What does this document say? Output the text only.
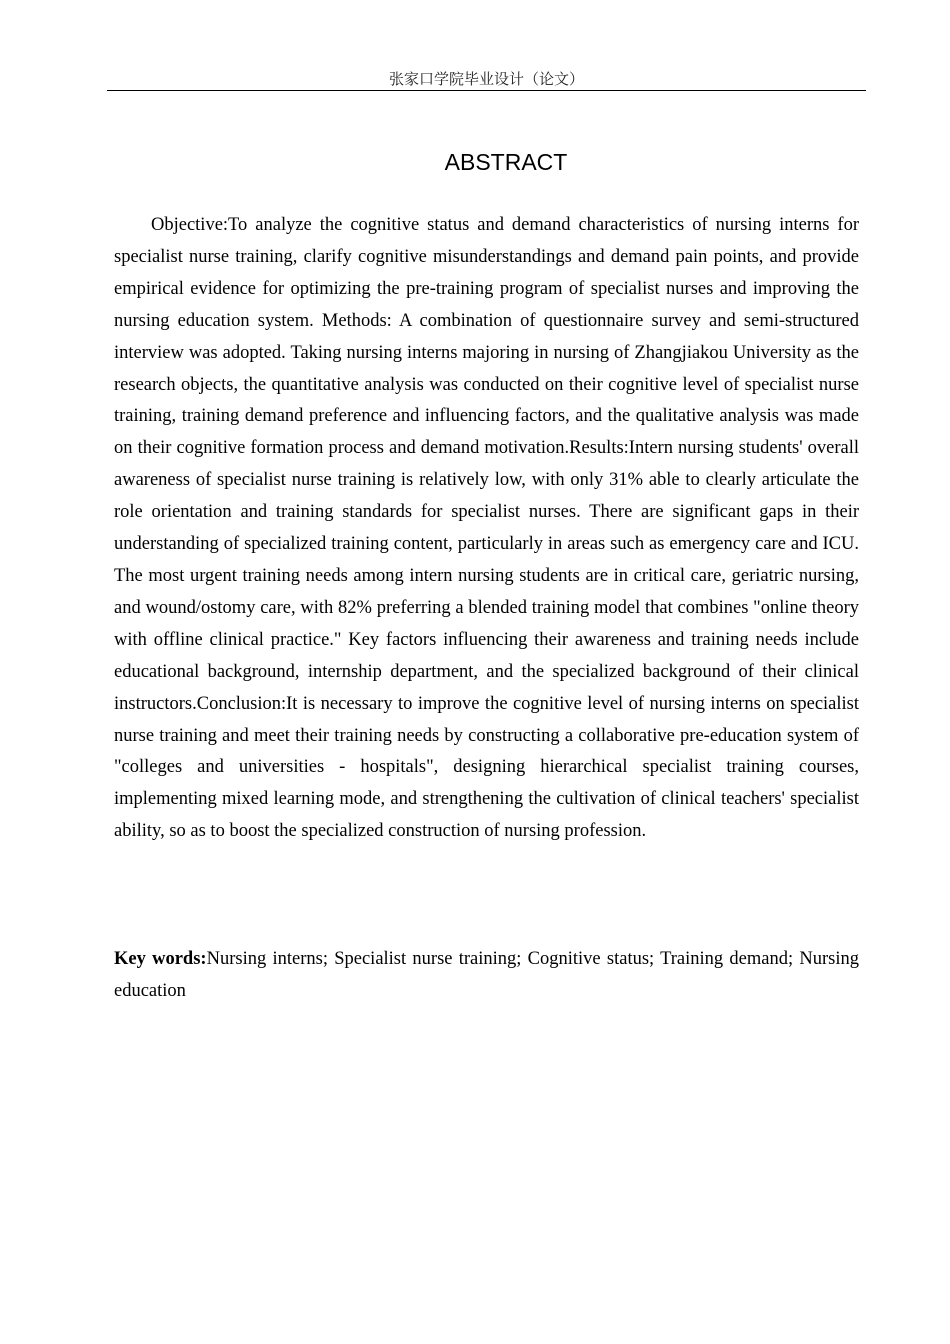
张家口学院毕业设计（论文）
ABSTRACT

Objective:To analyze the cognitive status and demand characteristics of nursing interns for specialist nurse training, clarify cognitive misunderstandings and demand pain points, and provide empirical evidence for optimizing the pre-training program of specialist nurses and improving the nursing education system. Methods: A combination of questionnaire survey and semi-structured interview was adopted. Taking nursing interns majoring in nursing of Zhangjiakou University as the research objects, the quantitative analysis was conducted on their cognitive level of specialist nurse training, training demand preference and influencing factors, and the qualitative analysis was made on their cognitive formation process and demand motivation.Results:Intern nursing students' overall awareness of specialist nurse training is relatively low, with only 31% able to clearly articulate the role orientation and training standards for specialist nurses. There are significant gaps in their understanding of specialized training content, particularly in areas such as emergency care and ICU. The most urgent training needs among intern nursing students are in critical care, geriatric nursing, and wound/ostomy care, with 82% preferring a blended training model that combines "online theory with offline clinical practice." Key factors influencing their awareness and training needs include educational background, internship department, and the specialized background of their clinical instructors.Conclusion:It is necessary to improve the cognitive level of nursing interns on specialist nurse training and meet their training needs by constructing a collaborative pre-education system of "colleges and universities - hospitals", designing hierarchical specialist training courses, implementing mixed learning mode, and strengthening the cultivation of clinical teachers' specialist ability, so as to boost the specialized construction of nursing profession.

Key words:Nursing interns; Specialist nurse training; Cognitive status; Training demand; Nursing education
